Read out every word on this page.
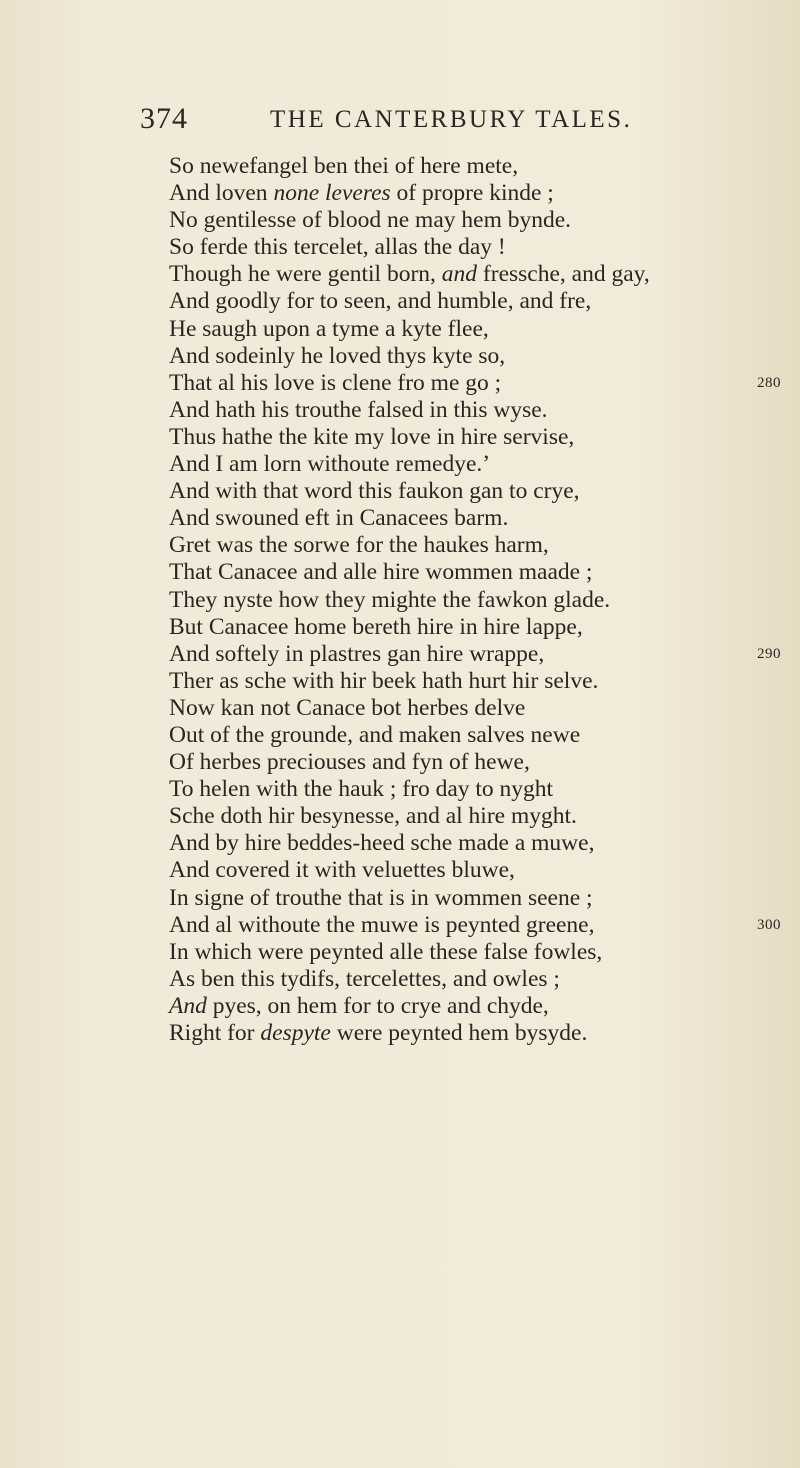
374	THE CANTERBURY TALES.
So newefangel ben thei of here mete,
And loven none leveres of propre kinde ;
No gentilesse of blood ne may hem bynde.
So ferde this tercelet, allas the day !
Though he were gentil born, and fressche, and gay,
And goodly for to seen, and humble, and fre,
He saugh upon a tyme a kyte flee,
And sodeinly he loved thys kyte so,
That al his love is clene fro me go ;	280
And hath his trouthe falsed in this wyse.
Thus hathe the kite my love in hire servise,
And I am lorn withoute remedye.’
And with that word this faukon gan to crye,
And swouned eft in Canacees barm.
Gret was the sorwe for the haukes harm,
That Canacee and alle hire wommen maade ;
They nyste how they mighte the fawkon glade.
But Canacee home bereth hire in hire lappe,
And softely in plastres gan hire wrappe,	290
Ther as sche with hir beek hath hurt hir selve.
Now kan not Canace bot herbes delve
Out of the grounde, and maken salves newe
Of herbes preciouses and fyn of hewe,
To helen with the hauk ; fro day to nyght
Sche doth hir besynesse, and al hire myght.
And by hire beddes-heed sche made a muwe,
And covered it with veluettes bluwe,
In signe of trouthe that is in wommen seene ;
And al withoute the muwe is peynted greene,	300
In which were peynted alle these false fowles,
As ben this tydifs, tercelettes, and owles ;
And pyes, on hem for to crye and chyde,
Right for despyte were peynted hem bysyde.
